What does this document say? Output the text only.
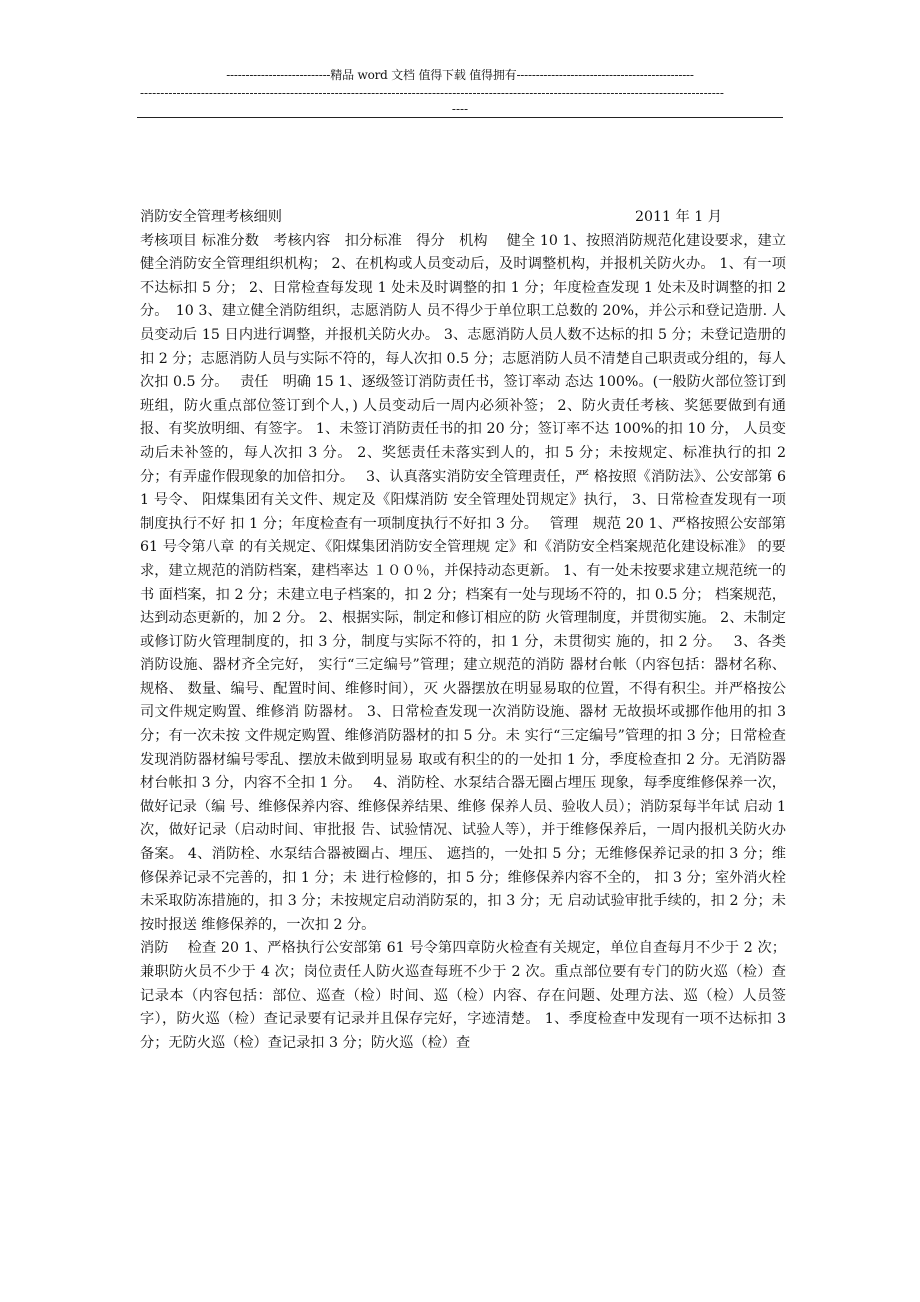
---------------------------精品 word 文档 值得下载 值得拥有----------------------------------------------
------------------------------------------------------------------------------------------------------------------------------------------------
----
消防安全管理考核细则	2011 年 1 月

考核项目 标准分数　考核内容　扣分标准　得分　机构　 健全 10 1、按照消防规范化建设要求，建立 健全消防安全管理组织机构； 2、在机构或人员变动后，及时调整机构，并报机关防火办。 1、有一项不达标扣 5 分； 2、日常检查每发现 1 处未及时调整的扣 1 分；年度检查发现 1 处未及时调整的扣 2 分。　10 3、建立健全消防组织，志愿消防人 员不得少于单位职工总数的 20%，并公示和登记造册. 人员变动后 15 日内进行调整，并报机关防火办。 3、志愿消防人员人数不达标的扣 5 分；未登记造册的扣 2 分；志愿消防人员与实际不符的，每人次扣 0.5 分；志愿消防人员不清楚自己职责或分组的，每人次扣 0.5 分。　 责任　明确 15 1、逐级签订消防责任书，签订率动 态达 100%。(一般防火部位签订到班组，防火重点部位签订到个人，) 人员变动后一周内必须补签； 2、防火责任考核、奖惩要做到有通报、有奖放明细、有签字。 1、未签订消防责任书的扣 20 分；签订率不达 100%的扣 10 分， 人员变动后未补签的，每人次扣 3 分。 2、奖惩责任未落实到人的，扣 5 分；未按规定、标准执行的扣 2 分；有弄虚作假现象的加倍扣分。　 3、认真落实消防安全管理责任，严 格按照《消防法》、公安部第 61 号令、 阳煤集团有关文件、规定及《阳煤消防 安全管理处罚规定》执行， 3、日常检查发现有一项制度执行不好 扣 1 分；年度检查有一项制度执行不好扣 3 分。　 管理　规范 20 1、严格按照公安部第 61 号令第八章 的有关规定、《阳煤集团消防安全管理规 定》和《消防安全档案规范化建设标准》 的要求，建立规范的消防档案，建档率达 １００％，并保持动态更新。 1、有一处未按要求建立规范统一的书 面档案，扣 2 分；未建立电子档案的，扣 2 分；档案有一处与现场不符的，扣 0.5 分； 档案规范，达到动态更新的，加 2 分。 2、根据实际，制定和修订相应的防 火管理制度，并贯彻实施。 2、未制定或修订防火管理制度的，扣 3 分，制度与实际不符的，扣 1 分，未贯彻实 施的，扣 2 分。　 3、各类消防设施、器材齐全完好， 实行“三定编号”管理；建立规范的消防 器材台帐（内容包括：器材名称、规格、 数量、编号、配置时间、维修时间），灭 火器摆放在明显易取的位置，不得有积尘。并严格按公司文件规定购置、维修消 防器材。 3、日常检查发现一次消防设施、器材 无故损坏或挪作他用的扣 3 分；有一次未按 文件规定购置、维修消防器材的扣 5 分。未 实行“三定编号”管理的扣 3 分；日常检查 发现消防器材编号零乱、摆放未做到明显易 取或有积尘的的一处扣 1 分，季度检查扣 2 分。无消防器材台帐扣 3 分，内容不全扣 1 分。　 4、消防栓、水泵结合器无圈占埋压 现象，每季度维修保养一次，做好记录（编 号、维修保养内容、维修保养结果、维修 保养人员、验收人员）；消防泵每半年试 启动 1 次，做好记录（启动时间、审批报 告、试验情况、试验人等），并于维修保养后，一周内报机关防火办备案。 4、消防栓、水泵结合器被圈占、埋压、 遮挡的，一处扣 5 分；无维修保养记录的扣 3 分；维修保养记录不完善的，扣 1 分；未 进行检修的，扣 5 分；维修保养内容不全的， 扣 3 分；室外消火栓未采取防冻措施的，扣 3 分；未按规定启动消防泵的，扣 3 分；无 启动试验审批手续的，扣 2 分；未按时报送 维修保养的，一次扣 2 分。

消防　 检查 20 1、严格执行公安部第 61 号令第四章防火检查有关规定，单位自查每月不少于 2 次；兼职防火员不少于 4 次；岗位责任人防火巡查每班不少于 2 次。重点部位要有专门的防火巡（检）查记录本（内容包括：部位、巡查（检）时间、巡（检）内容、存在问题、处理方法、巡（检）人员签字），防火巡（检）查记录要有记录并且保存完好，字迹清楚。 1、季度检查中发现有一项不达标扣 3 分；无防火巡（检）查记录扣 3 分；防火巡（检）查
